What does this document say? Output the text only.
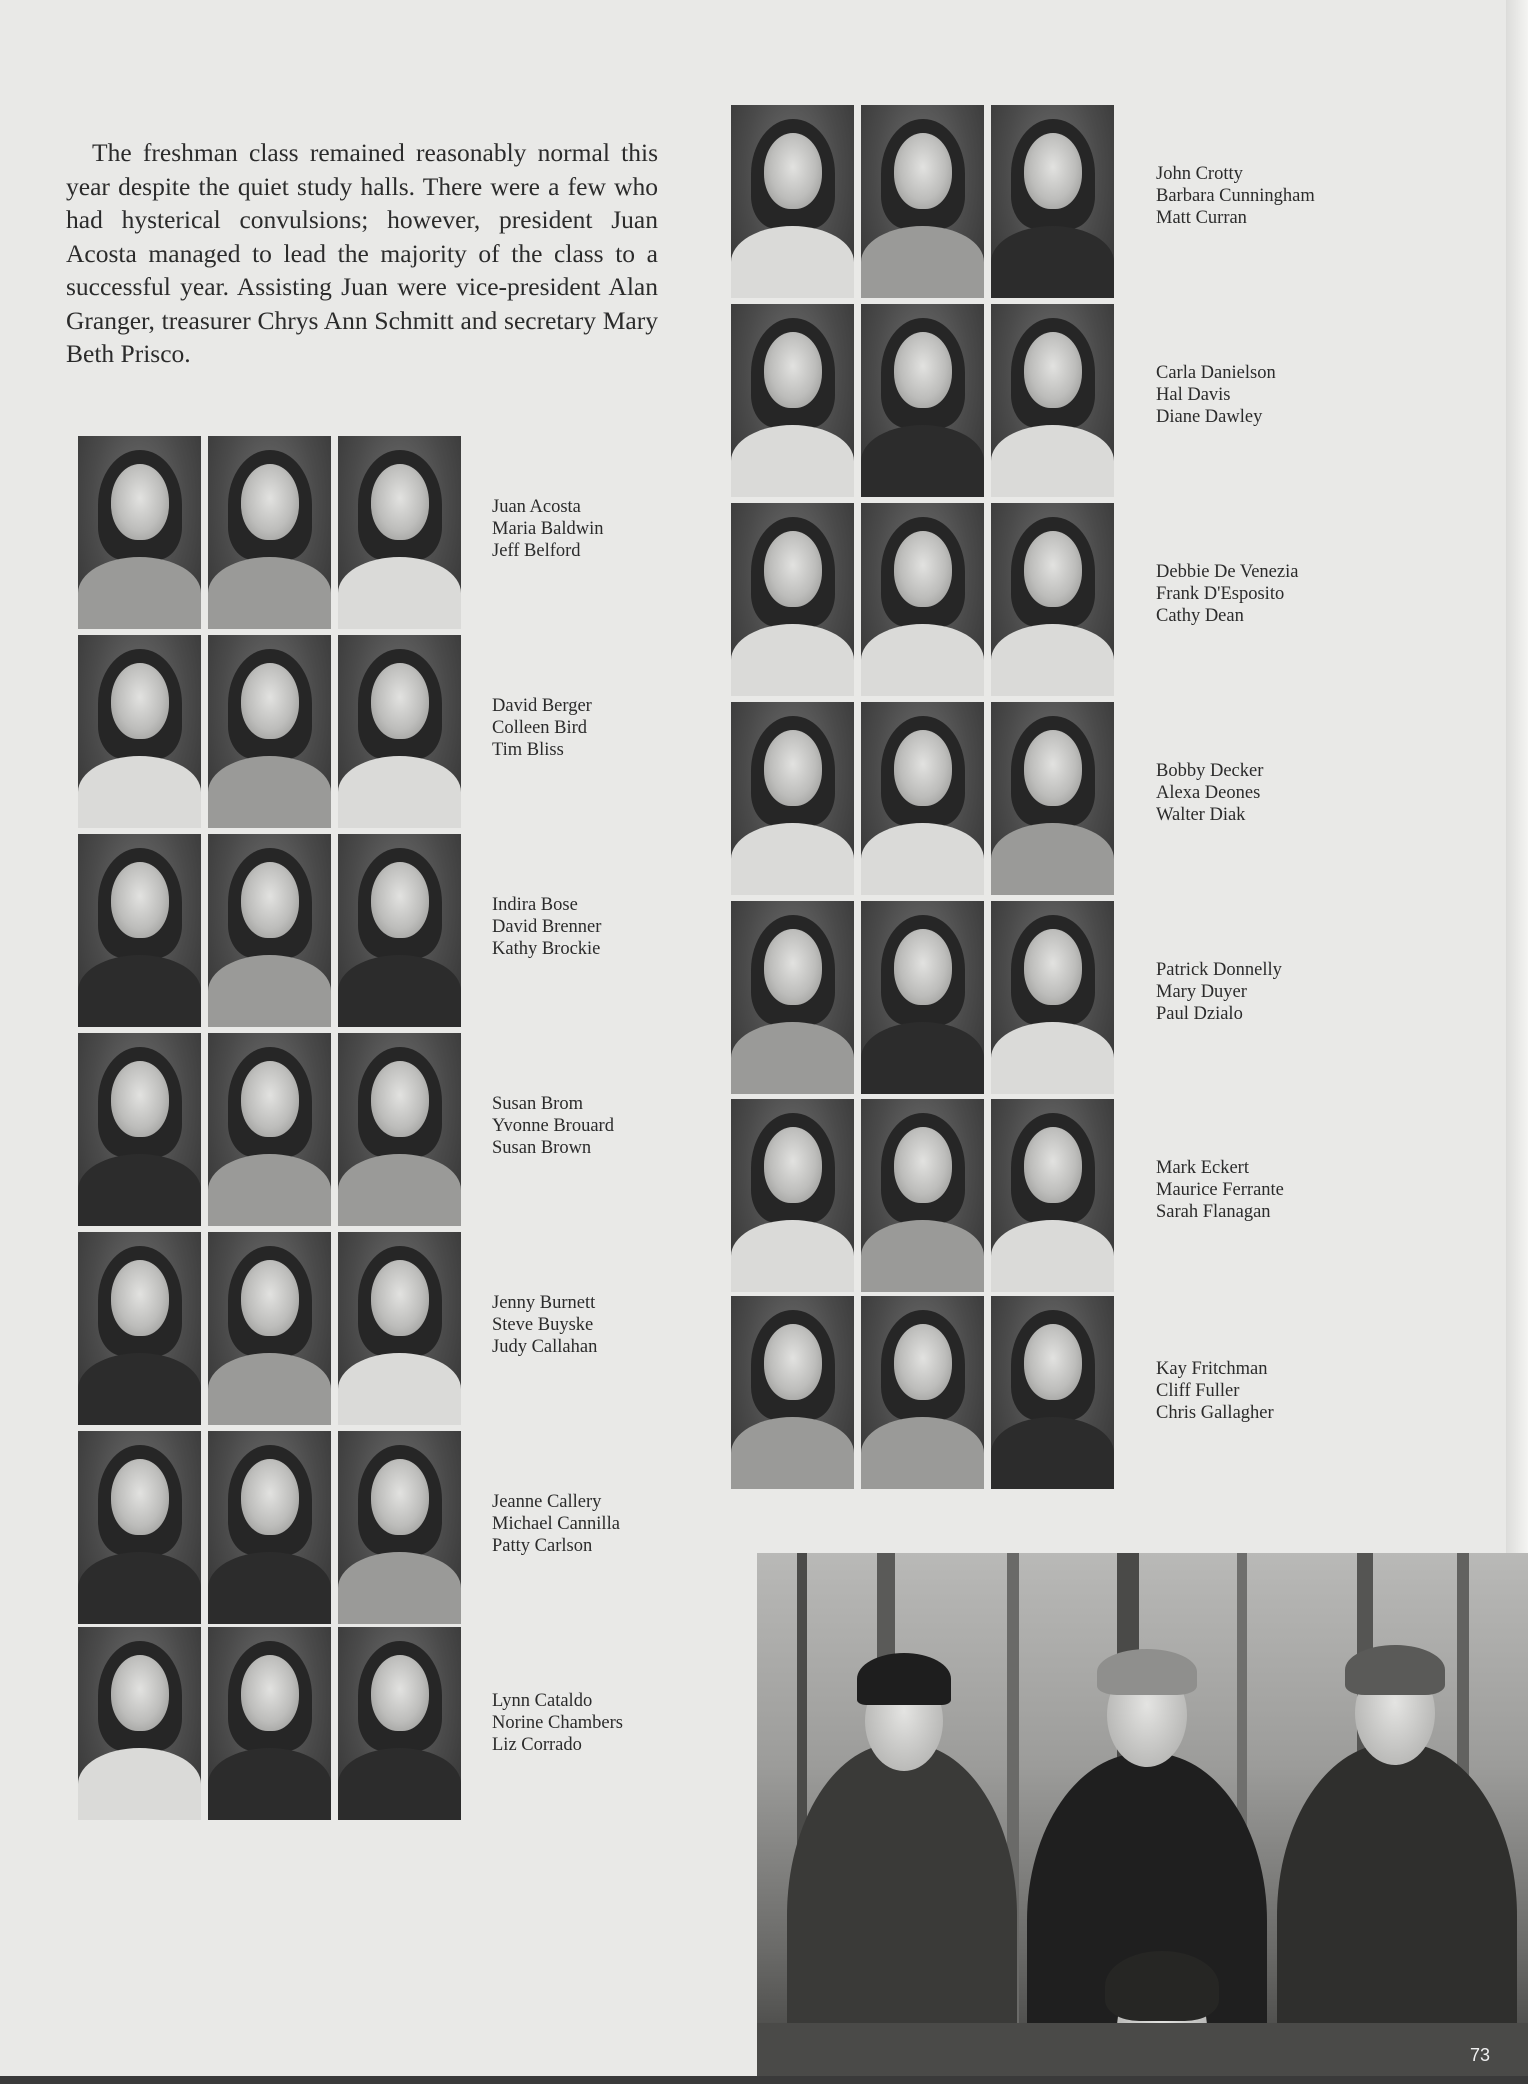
The freshman class remained reasonably normal this year despite the quiet study halls. There were a few who had hysterical convulsions; however, president Juan Acosta managed to lead the majority of the class to a successful year. Assisting Juan were vice-president Alan Granger, treasurer Chrys Ann Schmitt and secretary Mary Beth Prisco.

Juan Acosta
Maria Baldwin
Jeff Belford
David Berger
Colleen Bird
Tim Bliss
Indira Bose
David Brenner
Kathy Brockie
Susan Brom
Yvonne Brouard
Susan Brown
Jenny Burnett
Steve Buyske
Judy Callahan
Jeanne Callery
Michael Cannilla
Patty Carlson
Lynn Cataldo
Norine Chambers
Liz Corrado
John Crotty
Barbara Cunningham
Matt Curran
Carla Danielson
Hal Davis
Diane Dawley
Debbie De Venezia
Frank D'Esposito
Cathy Dean
Bobby Decker
Alexa Deones
Walter Diak
Patrick Donnelly
Mary Duyer
Paul Dzialo
Mark Eckert
Maurice Ferrante
Sarah Flanagan
Kay Fritchman
Cliff Fuller
Chris Gallagher
73
